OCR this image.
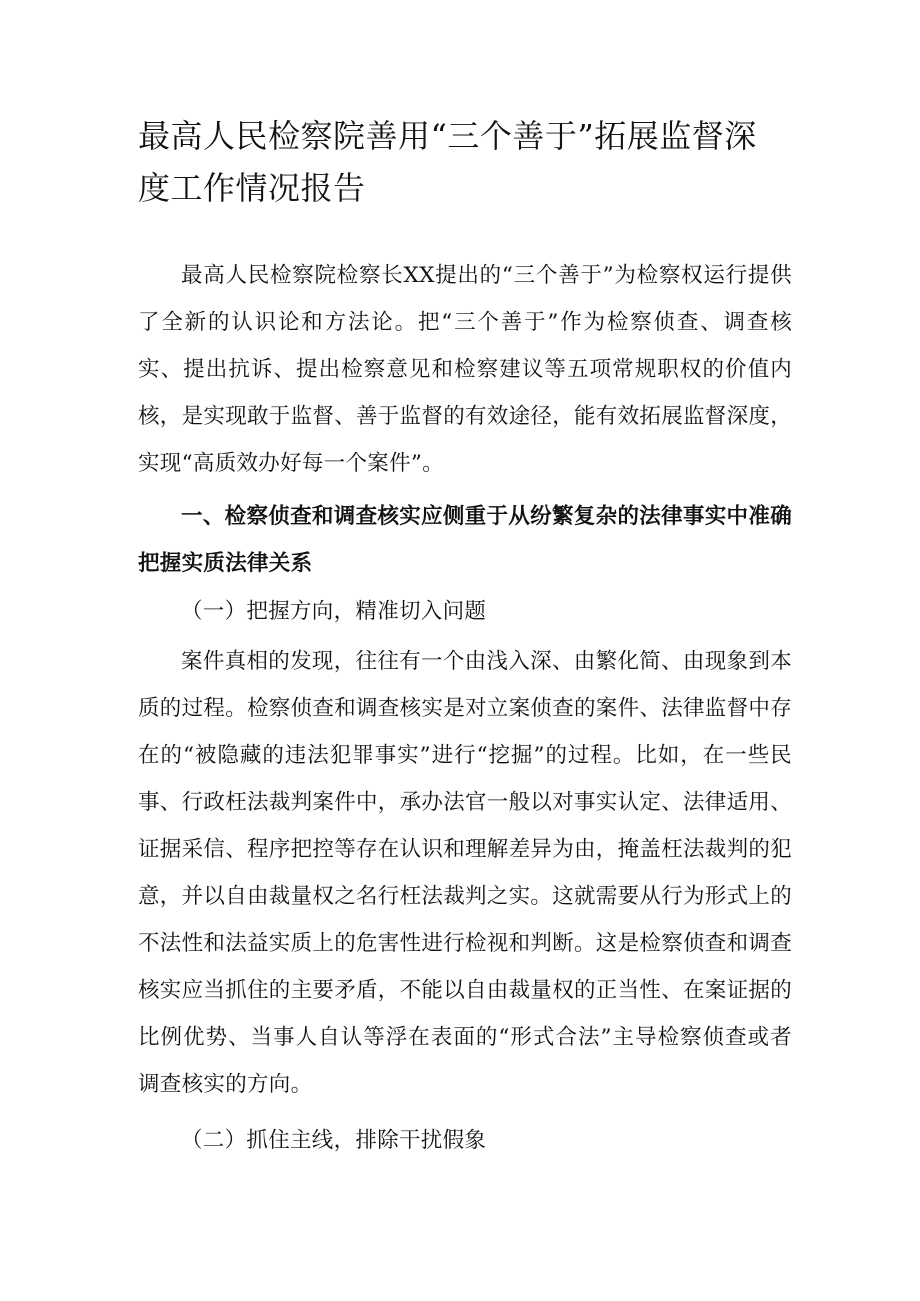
最高人民检察院善用“三个善于”拓展监督深度工作情况报告

最高人民检察院检察长XX提出的“三个善于”为检察权运行提供了全新的认识论和方法论。把“三个善于”作为检察侦查、调查核实、提出抗诉、提出检察意见和检察建议等五项常规职权的价值内核，是实现敢于监督、善于监督的有效途径，能有效拓展监督深度，实现“高质效办好每一个案件”。

一、检察侦查和调查核实应侧重于从纷繁复杂的法律事实中准确把握实质法律关系

（一）把握方向，精准切入问题

案件真相的发现，往往有一个由浅入深、由繁化简、由现象到本质的过程。检察侦查和调查核实是对立案侦查的案件、法律监督中存在的“被隐藏的违法犯罪事实”进行“挖掘”的过程。比如，在一些民事、行政枉法裁判案件中，承办法官一般以对事实认定、法律适用、证据采信、程序把控等存在认识和理解差异为由，掩盖枉法裁判的犯意，并以自由裁量权之名行枉法裁判之实。这就需要从行为形式上的不法性和法益实质上的危害性进行检视和判断。这是检察侦查和调查核实应当抓住的主要矛盾，不能以自由裁量权的正当性、在案证据的比例优势、当事人自认等浮在表面的“形式合法”主导检察侦查或者调查核实的方向。

（二）抓住主线，排除干扰假象
